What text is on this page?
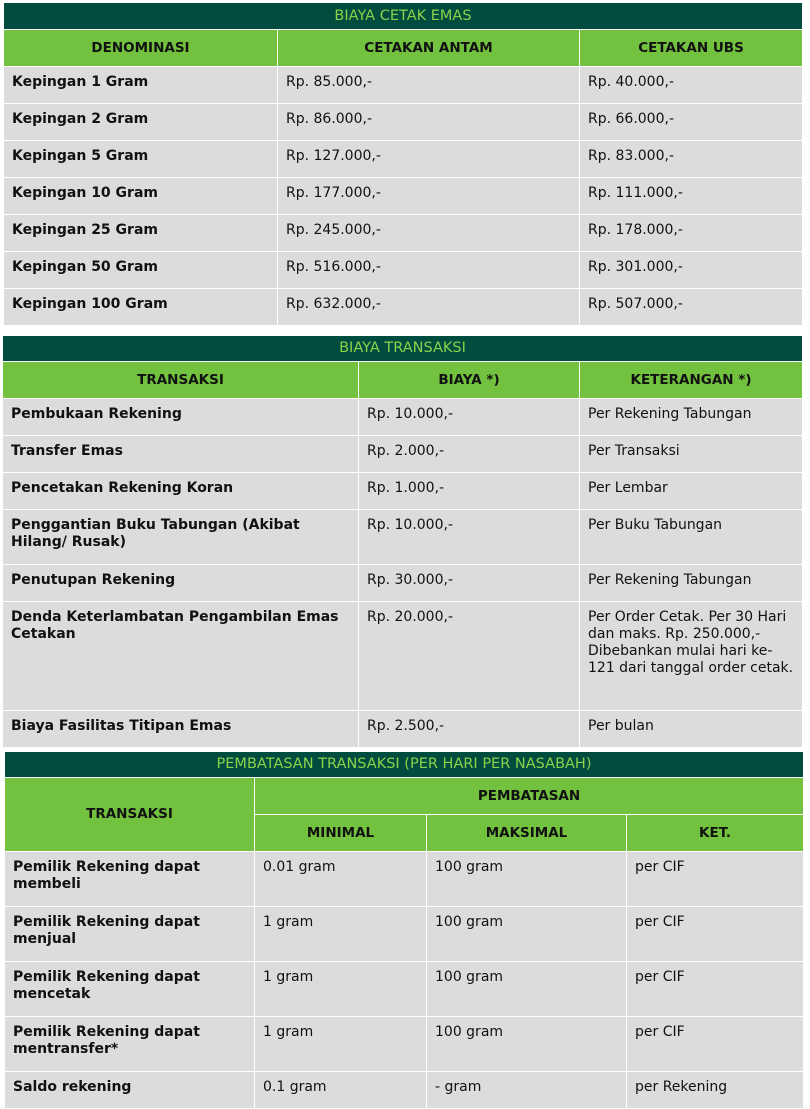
BIAYA CETAK EMAS		
DENOMINASI	CETAKAN ANTAM	CETAKAN UBS
Kepingan 1 Gram	Rp. 85.000,-	Rp. 40.000,-
Kepingan 2 Gram	Rp. 86.000,-	Rp. 66.000,-
Kepingan 5 Gram	Rp. 127.000,-	Rp. 83.000,-
Kepingan 10 Gram	Rp. 177.000,-	Rp. 111.000,-
Kepingan 25 Gram	Rp. 245.000,-	Rp. 178.000,-
Kepingan 50 Gram	Rp. 516.000,-	Rp. 301.000,-
Kepingan 100 Gram	Rp. 632.000,-	Rp. 507.000,-
BIAYA TRANSAKSI		
TRANSAKSI	BIAYA *)	KETERANGAN *)
Pembukaan Rekening	Rp. 10.000,-	Per Rekening Tabungan
Transfer Emas	Rp. 2.000,-	Per Transaksi
Pencetakan Rekening Koran	Rp. 1.000,-	Per Lembar
Penggantian Buku Tabungan (Akibat Hilang/ Rusak)	Rp. 10.000,-	Per Buku Tabungan
Penutupan Rekening	Rp. 30.000,-	Per Rekening Tabungan
Denda Keterlambatan Pengambilan Emas Cetakan	Rp. 20.000,-	Per Order Cetak. Per 30 Hari dan maks. Rp. 250.000,- Dibebankan mulai hari ke-121 dari tanggal order cetak.
Biaya Fasilitas Titipan Emas	Rp. 2.500,-	Per bulan
PEMBATASAN TRANSAKSI (PER HARI PER NASABAH)			
TRANSAKSI	PEMBATASAN		
	MINIMAL	MAKSIMAL	KET.
Pemilik Rekening dapat membeli	0.01 gram	100 gram	per CIF
Pemilik Rekening dapat menjual	1 gram	100 gram	per CIF
Pemilik Rekening dapat mencetak	1 gram	100 gram	per CIF
Pemilik Rekening dapat mentransfer*	1 gram	100 gram	per CIF
Saldo rekening	0.1 gram	- gram	per Rekening
